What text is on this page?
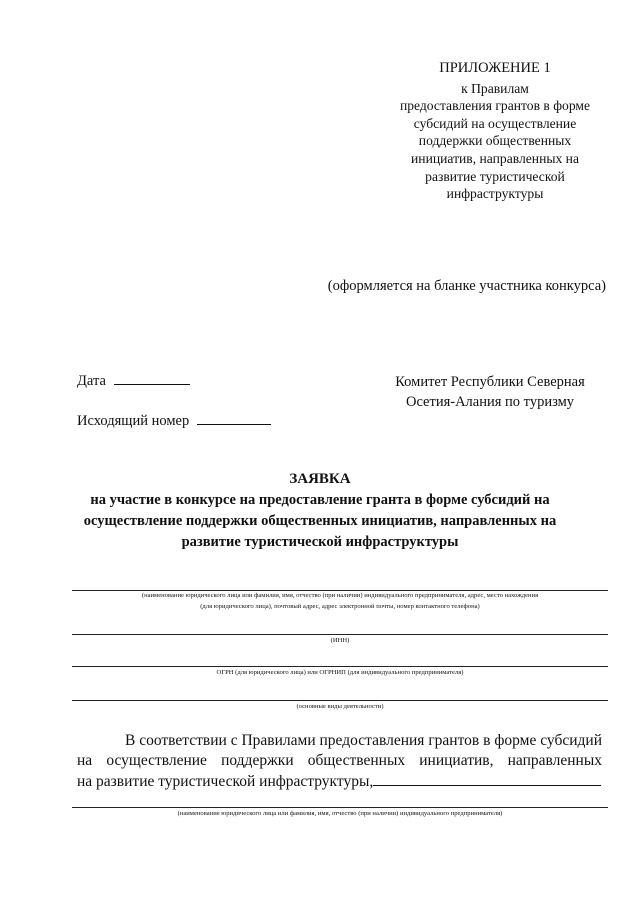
ПРИЛОЖЕНИЕ 1
к Правилам
предоставления грантов в форме
субсидий на осуществление
поддержки общественных
инициатив, направленных на
развитие туристической
инфраструктуры
(оформляется на бланке участника конкурса)
Дата
Исходящий номер
Комитет Республики Северная
Осетия-Алания по туризму
ЗАЯВКА
на участие в конкурсе на предоставление гранта в форме субсидий на
осуществление поддержки общественных инициатив, направленных на
развитие туристической инфраструктуры
(наименование юридического лица или фамилия, имя, отчество (при наличии) индивидуального предпринимателя, адрес, место нахождения
(для юридического лица), почтовый адрес, адрес электронной почты, номер контактного телефона)
(ИНН)
ОГРН (для юридического лица) или ОГРНИП (для индивидуального предпринимателя)
(основные виды деятельности)
В соответствии с Правилами предоставления грантов в форме субсидий
на осуществление поддержки общественных инициатив, направленных
на развитие туристической инфраструктуры,
(наименование юридического лица или фамилия, имя, отчество (при наличии) индивидуального предпринимателя)
